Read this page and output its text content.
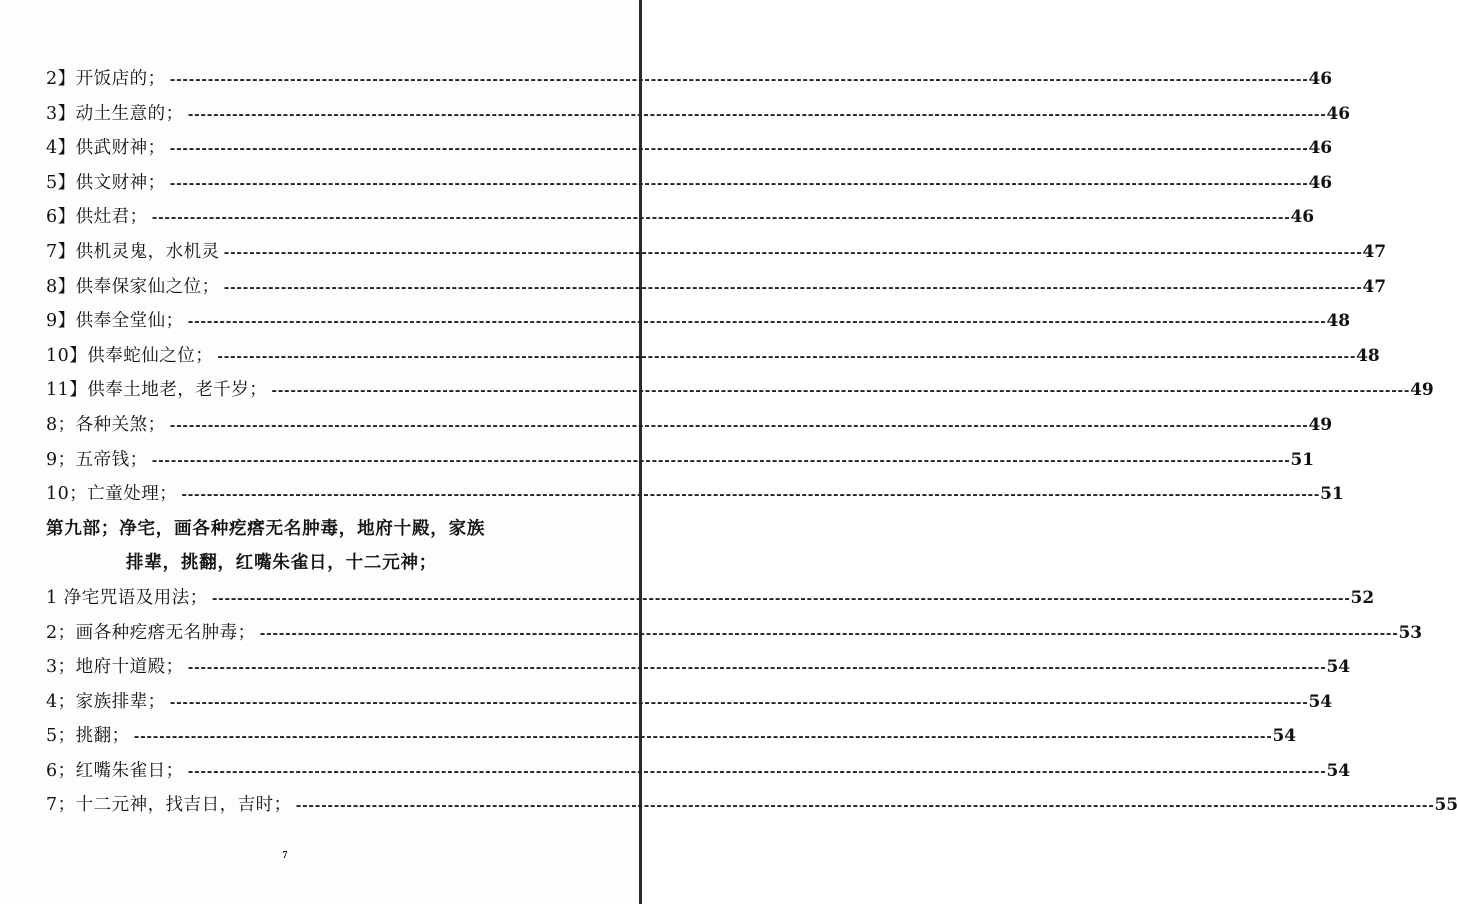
2】开饭店的； ------------------------------------------------------------------------------------------------------------------------------------------------------------------------------------ 46
3】动土生意的； ------------------------------------------------------------------------------------------------------------------------------------------------------------------------------------ 46
4】供武财神； ------------------------------------------------------------------------------------------------------------------------------------------------------------------------------------ 46
5】供文财神； ------------------------------------------------------------------------------------------------------------------------------------------------------------------------------------ 46
6】供灶君； ------------------------------------------------------------------------------------------------------------------------------------------------------------------------------------ 46
7】供机灵鬼，水机灵 ------------------------------------------------------------------------------------------------------------------------------------------------------------------------------------ 47
8】供奉保家仙之位； ------------------------------------------------------------------------------------------------------------------------------------------------------------------------------------ 47
9】供奉全堂仙； ------------------------------------------------------------------------------------------------------------------------------------------------------------------------------------ 48
10】供奉蛇仙之位； ------------------------------------------------------------------------------------------------------------------------------------------------------------------------------------ 48
11】供奉土地老，老千岁； ------------------------------------------------------------------------------------------------------------------------------------------------------------------------------------ 49
8；各种关煞； ------------------------------------------------------------------------------------------------------------------------------------------------------------------------------------ 49
9；五帝钱； ------------------------------------------------------------------------------------------------------------------------------------------------------------------------------------ 51
10；亡童处理； ------------------------------------------------------------------------------------------------------------------------------------------------------------------------------------ 51
第九部；净宅，画各种疙瘩无名肿毒，地府十殿，家族
排辈，挑翻，红嘴朱雀日，十二元神；
1 净宅咒语及用法； ------------------------------------------------------------------------------------------------------------------------------------------------------------------------------------ 52
2；画各种疙瘩无名肿毒； ------------------------------------------------------------------------------------------------------------------------------------------------------------------------------------ 53
3；地府十道殿； ------------------------------------------------------------------------------------------------------------------------------------------------------------------------------------ 54
4；家族排辈； ------------------------------------------------------------------------------------------------------------------------------------------------------------------------------------ 54
5；挑翻； ------------------------------------------------------------------------------------------------------------------------------------------------------------------------------------ 54
6；红嘴朱雀日； ------------------------------------------------------------------------------------------------------------------------------------------------------------------------------------ 54
7；十二元神，找吉日，吉时； ------------------------------------------------------------------------------------------------------------------------------------------------------------------------------------ 55
7
